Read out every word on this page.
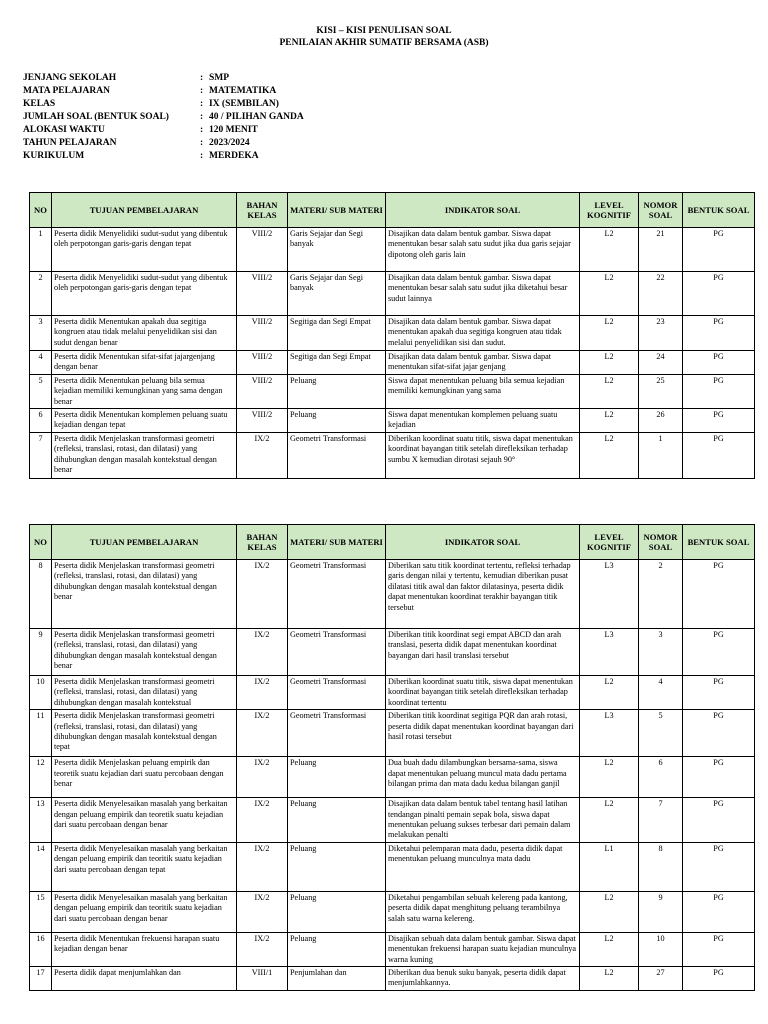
KISI – KISI PENULISAN SOAL
PENILAIAN AKHIR SUMATIF BERSAMA (ASB)
JENJANG SEKOLAH	: SMP
MATA PELAJARAN	: MATEMATIKA
KELAS	: IX (SEMBILAN)
JUMLAH SOAL (BENTUK SOAL)	: 40 / PILIHAN GANDA
ALOKASI WAKTU	: 120 MENIT
TAHUN PELAJARAN	: 2023/2024
KURIKULUM	: MERDEKA
NO	TUJUAN PEMBELAJARAN	BAHAN KELAS	MATERI/ SUB MATERI	INDIKATOR SOAL	LEVEL KOGNITIF	NOMOR SOAL	BENTUK SOAL
1	Peserta didik Menyelidiki sudut-sudut yang dibentuk oleh perpotongan garis-garis dengan tepat	VIII/2	Garis Sejajar dan Segi banyak	Disajikan data dalam bentuk gambar. Siswa dapat menentukan besar salah satu sudut jika dua garis sejajar dipotong oleh garis lain	L2	21	PG
2	Peserta didik Menyelidiki sudut-sudut yang dibentuk oleh perpotongan garis-garis dengan tepat	VIII/2	Garis Sejajar dan Segi banyak	Disajikan data dalam bentuk gambar. Siswa dapat menentukan besar salah satu sudut jika diketahui besar sudut lainnya	L2	22	PG
3	Peserta didik Menentukan apakah dua segitiga kongruen atau tidak melalui penyelidikan sisi dan sudut dengan benar	VIII/2	Segitiga dan Segi Empat	Disajikan data dalam bentuk gambar. Siswa dapat menentukan apakah dua segitiga kongruen atau tidak melalui penyelidikan sisi dan sudut.	L2	23	PG
4	Peserta didik Menentukan sifat-sifat jajargenjang dengan benar	VIII/2	Segitiga dan Segi Empat	Disajikan data dalam bentuk gambar. Siswa dapat menentukan sifat-sifat jajar genjang	L2	24	PG
5	Peserta didik Menentukan peluang bila semua kejadian memiliki kemungkinan yang sama dengan benar	VIII/2	Peluang	Siswa dapat menentukan peluang bila semua kejadian memiliki kemungkinan yang sama	L2	25	PG
6	Peserta didik Menentukan komplemen peluang suatu kejadian dengan tepat	VIII/2	Peluang	Siswa dapat menentukan komplemen peluang suatu kejadian	L2	26	PG
7	Peserta didik Menjelaskan transformasi geometri (refleksi, translasi, rotasi, dan dilatasi) yang dihubungkan dengan masalah kontekstual dengan benar	IX/2	Geometri Transformasi	Diberikan koordinat suatu titik, siswa dapat menentukan koordinat bayangan titik setelah direfleksikan terhadap sumbu X kemudian dirotasi sejauh 90°	L2	1	PG
NO	TUJUAN PEMBELAJARAN	BAHAN KELAS	MATERI/ SUB MATERI	INDIKATOR SOAL	LEVEL KOGNITIF	NOMOR SOAL	BENTUK SOAL
8	Peserta didik Menjelaskan transformasi geometri (refleksi, translasi, rotasi, dan dilatasi) yang dihubungkan dengan masalah kontekstual dengan benar	IX/2	Geometri Transformasi	Diberikan satu titik koordinat tertentu, refleksi terhadap garis dengan nilai y tertentu, kemudian diberikan pusat dilatasi titik awal dan faktor dilatasinya, peserta didik dapat menentukan koordinat terakhir bayangan titik tersebut	L3	2	PG
9	Peserta didik Menjelaskan transformasi geometri (refleksi, translasi, rotasi, dan dilatasi) yang dihubungkan dengan masalah kontekstual dengan benar	IX/2	Geometri Transformasi	Diberikan titik koordinat segi empat ABCD dan arah translasi, peserta didik dapat menentukan koordinat bayangan dari hasil translasi tersebut	L3	3	PG
10	Peserta didik Menjelaskan transformasi geometri (refleksi, translasi, rotasi, dan dilatasi) yang dihubungkan dengan masalah kontekstual	IX/2	Geometri Transformasi	Diberikan koordinat suatu titik, siswa dapat menentukan koordinat bayangan titik setelah direfleksikan terhadap koordinat tertentu	L2	4	PG
11	Peserta didik Menjelaskan transformasi geometri (refleksi, translasi, rotasi, dan dilatasi) yang dihubungkan dengan masalah kontekstual dengan tepat	IX/2	Geometri Transformasi	Diberikan titik koordinat segitiga PQR dan arah rotasi, peserta didik dapat menentukan koordinat bayangan dari hasil rotasi tersebut	L3	5	PG
12	Peserta didik Menjelaskan peluang empirik dan teoretik suatu kejadian dari suatu percobaan dengan benar	IX/2	Peluang	Dua buah dadu dilambungkan bersama-sama, siswa dapat menentukan peluang muncul mata dadu pertama bilangan prima dan mata dadu kedua bilangan ganjil	L2	6	PG
13	Peserta didik Menyelesaikan masalah yang berkaitan dengan peluang empirik dan teoretik suatu kejadian dari suatu percobaan dengan benar	IX/2	Peluang	Disajikan data dalam bentuk tabel tentang hasil latihan tendangan pinalti pemain sepak bola, siswa dapat menentukan peluang sukses terbesar dari pemain dalam melakukan penalti	L2	7	PG
14	Peserta didik Menyelesaikan masalah yang berkaitan dengan peluang empirik dan teoritik suatu kejadian dari suatu percobaan dengan tepat	IX/2	Peluang	Diketahui pelemparan mata dadu, peserta didik dapat menentukan peluang munculnya mata dadu	L1	8	PG
15	Peserta didik Menyelesaikan masalah yang berkaitan dengan peluang empirik dan teoritik suatu kejadian dari suatu percobaan dengan benar	IX/2	Peluang	Diketahui pengambilan sebuah kelereng pada kantong, peserta didik dapat menghitung peluang terambilnya salah satu warna kelereng.	L2	9	PG
16	Peserta didik Menentukan frekuensi harapan suatu kejadian dengan benar	IX/2	Peluang	Disajikan sebuah data dalam bentuk gambar. Siswa dapat menentukan frekuensi harapan suatu kejadian munculnya warna kuning	L2	10	PG
17	Peserta didik dapat menjumlahkan dan	VIII/1	Penjumlahan dan	Diberikan dua benuk suku banyak, peserta didik dapat menjumlahkannya.	L2	27	PG
